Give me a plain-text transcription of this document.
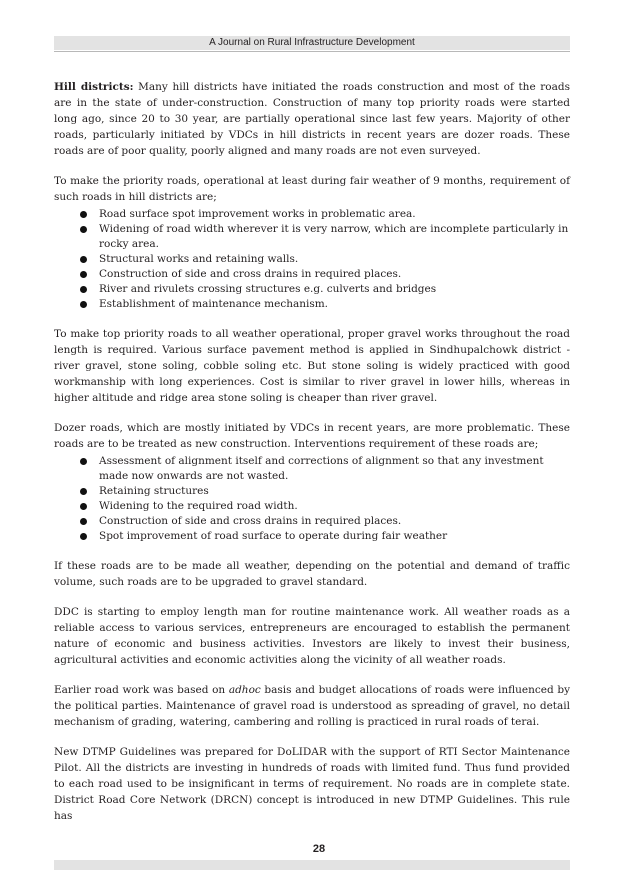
A Journal on Rural Infrastructure Development

Hill districts: Many hill districts have initiated the roads construction and most of the roads are in the state of under-construction. Construction of many top priority roads were started long ago, since 20 to 30 year, are partially operational since last few years. Majority of other roads, particularly initiated by VDCs in hill districts in recent years are dozer roads. These roads are of poor quality, poorly aligned and many roads are not even surveyed.

To make the priority roads, operational at least during fair weather of 9 months, requirement of such roads in hill districts are;

Road surface spot improvement works in problematic area.
Widening of road width wherever it is very narrow, which are incomplete particularly in rocky area.
Structural works and retaining walls.
Construction of side and cross drains in required places.
River and rivulets crossing structures e.g. culverts and bridges
Establishment of maintenance mechanism.

To make top priority roads to all weather operational, proper gravel works throughout the road length is required. Various surface pavement method is applied in Sindhupalchowk district - river gravel, stone soling, cobble soling etc. But stone soling is widely practiced with good workmanship with long experiences. Cost is similar to river gravel in lower hills, whereas in higher altitude and ridge area stone soling is cheaper than river gravel.

Dozer roads, which are mostly initiated by VDCs in recent years, are more problematic. These roads are to be treated as new construction. Interventions requirement of these roads are;

Assessment of alignment itself and corrections of alignment so that any investment made now onwards are not wasted.
Retaining structures
Widening to the required road width.
Construction of side and cross drains in required places.
Spot improvement of road surface to operate during fair weather

If these roads are to be made all weather, depending on the potential and demand of traffic volume, such roads are to be upgraded to gravel standard.

DDC is starting to employ length man for routine maintenance work. All weather roads as a reliable access to various services, entrepreneurs are encouraged to establish the permanent nature of economic and business activities. Investors are likely to invest their business, agricultural activities and economic activities along the vicinity of all weather roads.

Earlier road work was based on adhoc basis and budget allocations of roads were influenced by the political parties. Maintenance of gravel road is understood as spreading of gravel, no detail mechanism of grading, watering, cambering and rolling is practiced in rural roads of terai.

New DTMP Guidelines was prepared for DoLIDAR with the support of RTI Sector Maintenance Pilot. All the districts are investing in hundreds of roads with limited fund. Thus fund provided to each road used to be insignificant in terms of requirement. No roads are in complete state. District Road Core Network (DRCN) concept is introduced in new DTMP Guidelines. This rule has

28
